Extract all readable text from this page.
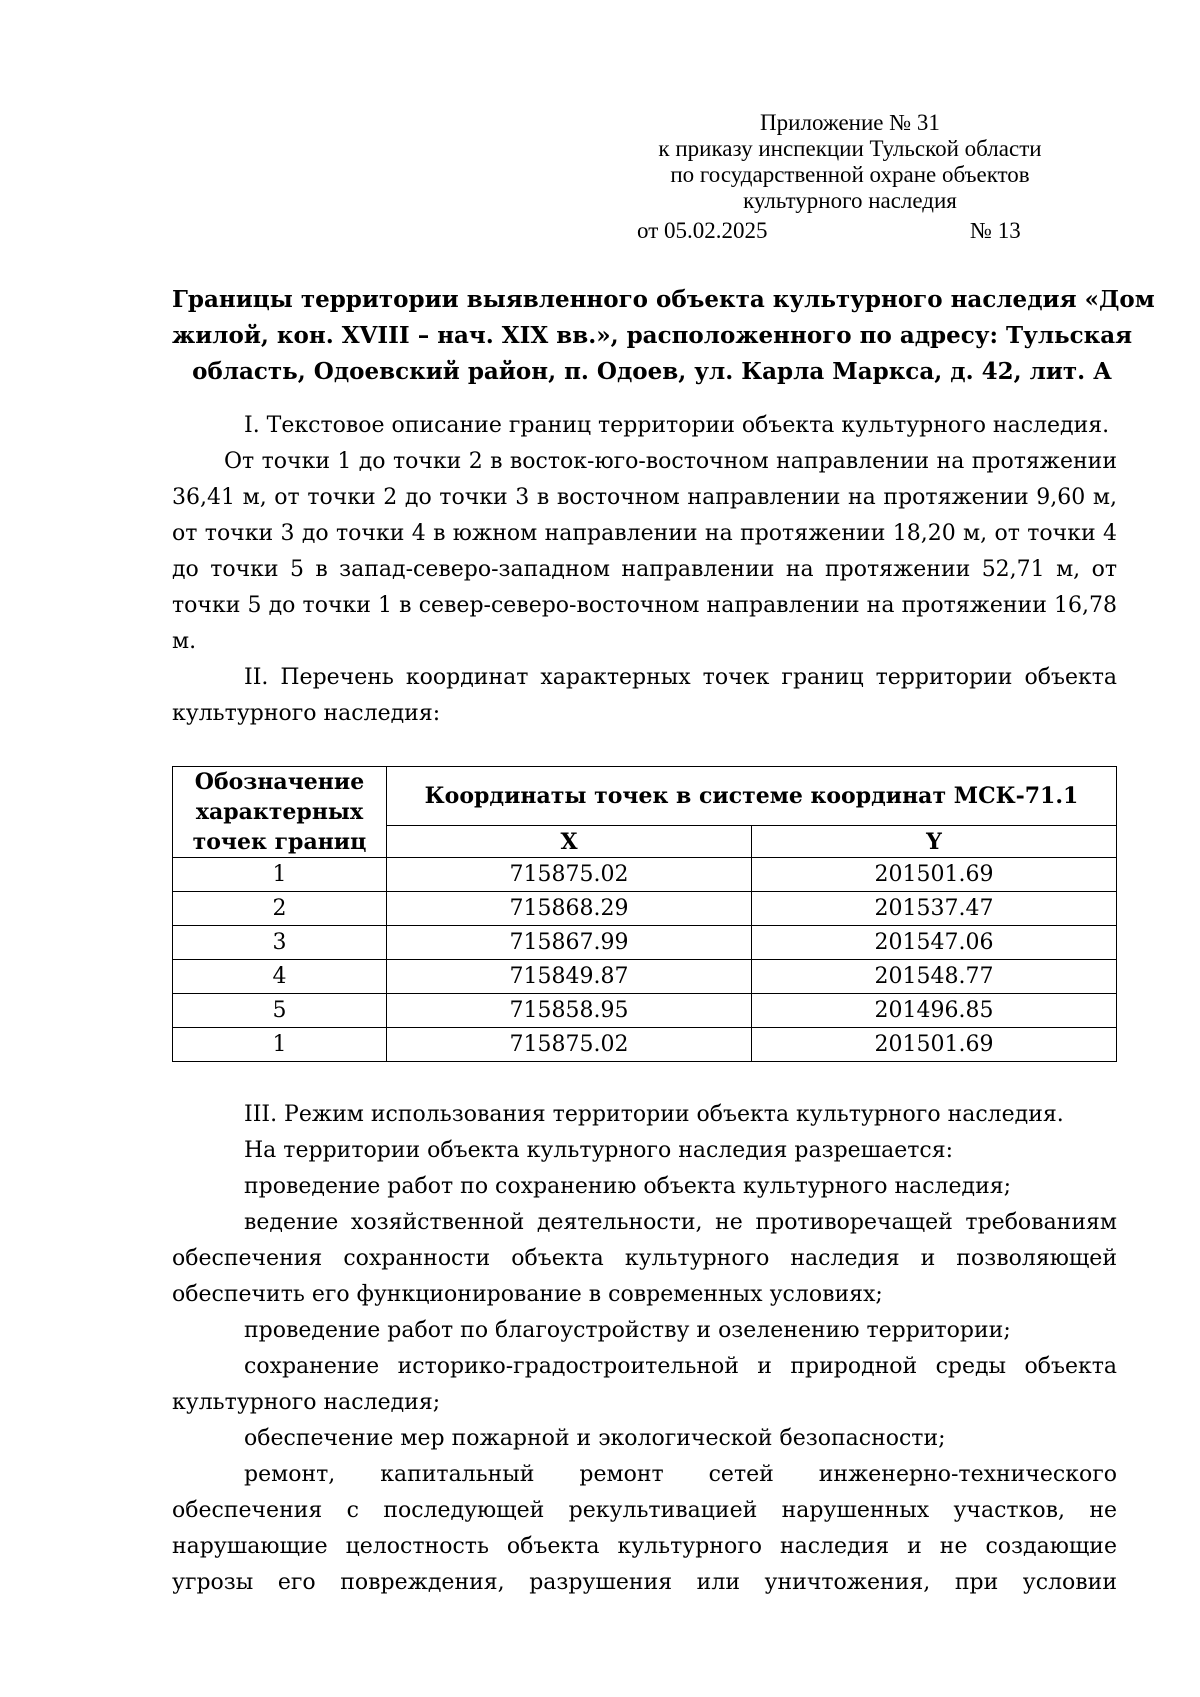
Приложение № 31
к приказу инспекции Тульской области
по государственной охране объектов
культурного наследия
от 05.02.2025	№ 13
Границы территории выявленного объекта культурного наследия «Дом
жилой, кон. XVIII – нач. XIX вв.», расположенного по адресу: Тульская
область, Одоевский район, п. Одоев, ул. Карла Маркса, д. 42, лит. А

I. Текстовое описание границ территории объекта культурного наследия.

От точки 1 до точки 2 в восток-юго-восточном направлении на протяжении 36,41 м, от точки 2 до точки 3 в восточном направлении на протяжении 9,60 м, от точки 3 до точки 4 в южном направлении на протяжении 18,20 м, от точки 4 до точки 5 в запад-северо-западном направлении на протяжении 52,71 м, от точки 5 до точки 1 в север-северо-восточном направлении на протяжении 16,78 м.

II. Перечень координат характерных точек границ территории объекта культурного наследия:

Обозначение характерных точек границ	Координаты точек в системе координат МСК-71.1	
	X	Y
1	715875.02	201501.69
2	715868.29	201537.47
3	715867.99	201547.06
4	715849.87	201548.77
5	715858.95	201496.85
1	715875.02	201501.69

III. Режим использования территории объекта культурного наследия.

На территории объекта культурного наследия разрешается:

проведение работ по сохранению объекта культурного наследия;

ведение хозяйственной деятельности, не противоречащей требованиям обеспечения сохранности объекта культурного наследия и позволяющей обеспечить его функционирование в современных условиях;

проведение работ по благоустройству и озеленению территории;

сохранение историко-градостроительной и природной среды объекта культурного наследия;

обеспечение мер пожарной и экологической безопасности;

ремонт, капитальный ремонт сетей инженерно-технического обеспечения с последующей рекультивацией нарушенных участков, не нарушающие целостность объекта культурного наследия и не создающие угрозы его повреждения, разрушения или уничтожения, при условии
